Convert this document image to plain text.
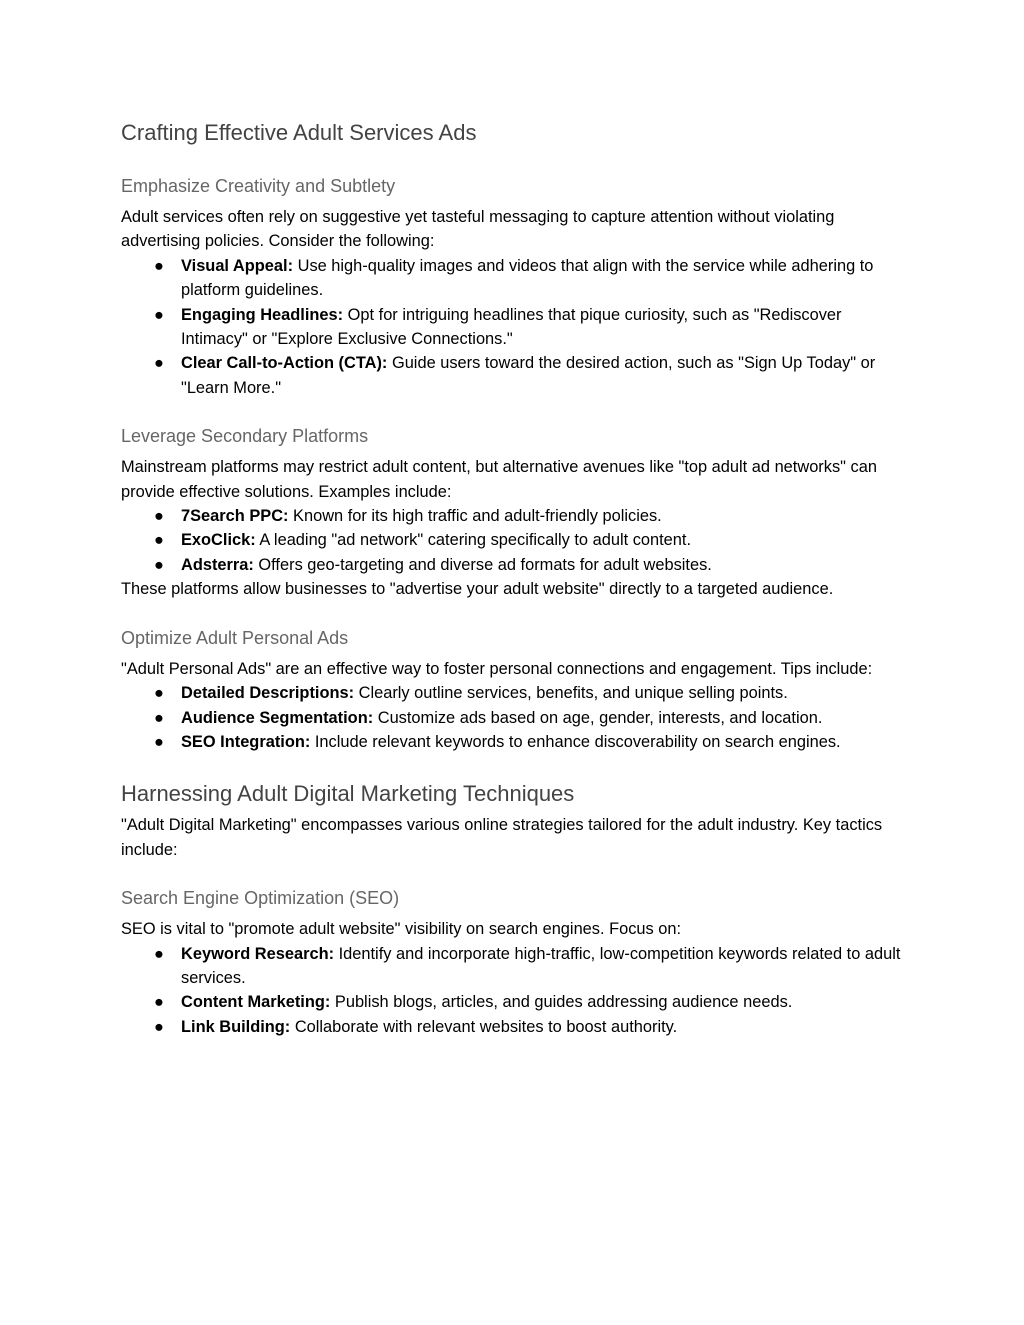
Crafting Effective Adult Services Ads
Emphasize Creativity and Subtlety

Adult services often rely on suggestive yet tasteful messaging to capture attention without violating advertising policies. Consider the following:

● Visual Appeal: Use high-quality images and videos that align with the service while adhering to platform guidelines.
● Engaging Headlines: Opt for intriguing headlines that pique curiosity, such as "Rediscover Intimacy" or "Explore Exclusive Connections."
● Clear Call-to-Action (CTA): Guide users toward the desired action, such as "Sign Up Today" or "Learn More."
Leverage Secondary Platforms

Mainstream platforms may restrict adult content, but alternative avenues like "top adult ad networks" can provide effective solutions. Examples include:

● 7Search PPC: Known for its high traffic and adult-friendly policies.
● ExoClick: A leading "ad network" catering specifically to adult content.
● Adsterra: Offers geo-targeting and diverse ad formats for adult websites.

These platforms allow businesses to "advertise your adult website" directly to a targeted audience.

Optimize Adult Personal Ads

"Adult Personal Ads" are an effective way to foster personal connections and engagement. Tips include:

● Detailed Descriptions: Clearly outline services, benefits, and unique selling points.
● Audience Segmentation: Customize ads based on age, gender, interests, and location.
● SEO Integration: Include relevant keywords to enhance discoverability on search engines.
Harnessing Adult Digital Marketing Techniques

"Adult Digital Marketing" encompasses various online strategies tailored for the adult industry. Key tactics include:

Search Engine Optimization (SEO)

SEO is vital to "promote adult website" visibility on search engines. Focus on:

● Keyword Research: Identify and incorporate high-traffic, low-competition keywords related to adult services.
● Content Marketing: Publish blogs, articles, and guides addressing audience needs.
● Link Building: Collaborate with relevant websites to boost authority.
